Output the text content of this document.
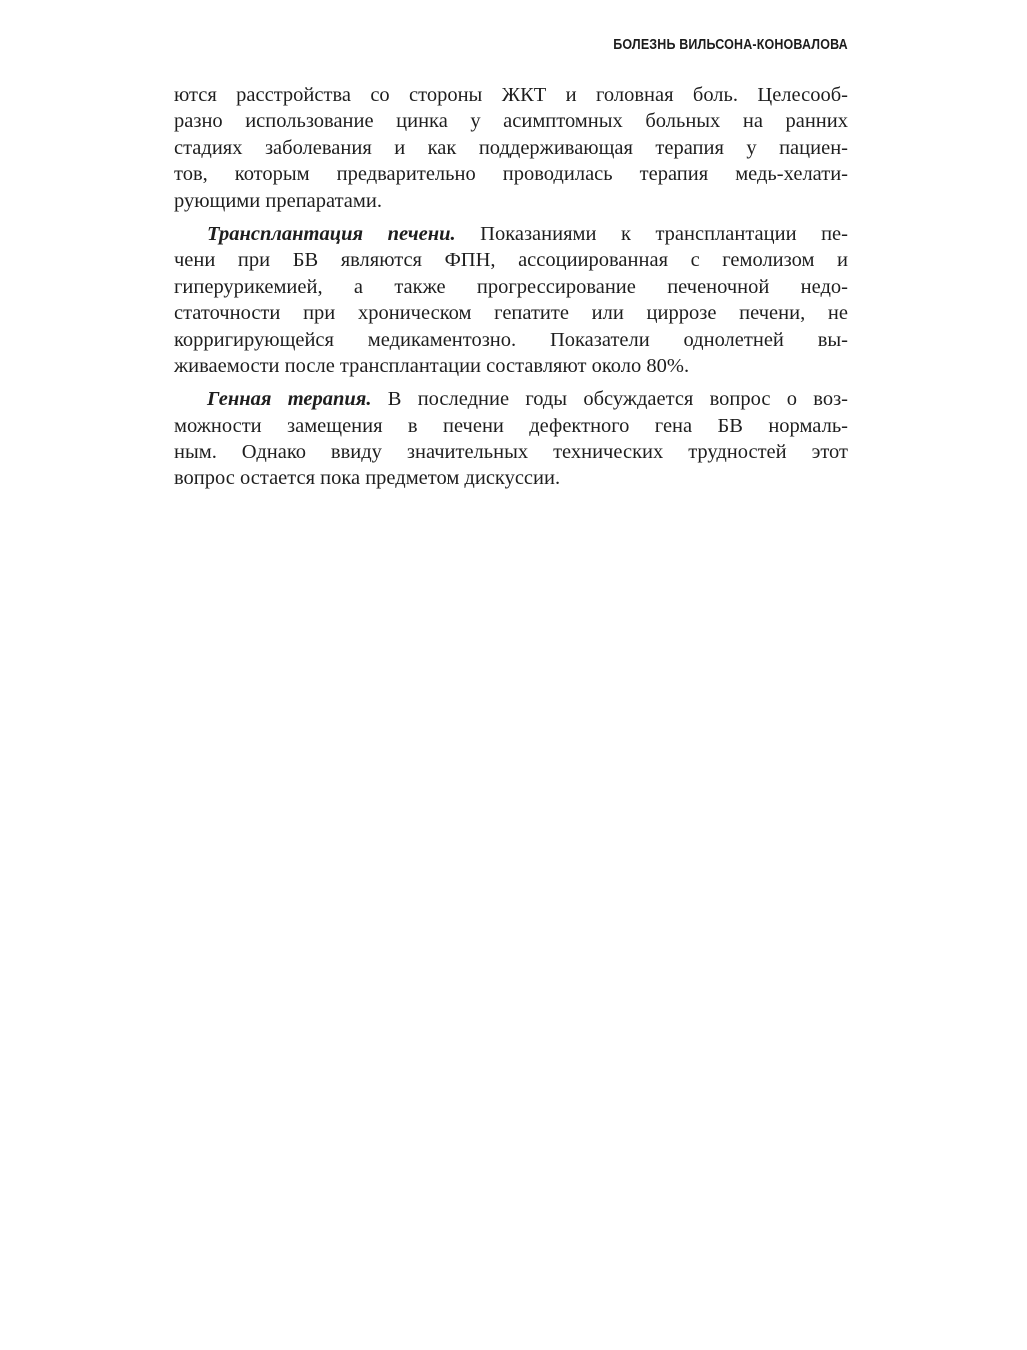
БОЛЕЗНЬ ВИЛЬСОНА-КОНОВАЛОВА
ются расстройства со стороны ЖКТ и головная боль. Целесооб-
разно использование цинка у асимптомных больных на ранних
стадиях заболевания и как поддерживающая терапия у пациен-
тов, которым предварительно проводилась терапия медь-хелати-
рующими препаратами.
Трансплантация печени. Показаниями к трансплантации пе-
чени при БВ являются ФПН, ассоциированная с гемолизом и
гиперурикемией, а также прогрессирование печеночной недо-
статочности при хроническом гепатите или циррозе печени, не
корригирующейся медикаментозно. Показатели однолетней вы-
живаемости после трансплантации составляют около 80%.
Генная терапия. В последние годы обсуждается вопрос о воз-
можности замещения в печени дефектного гена БВ нормаль-
ным. Однако ввиду значительных технических трудностей этот
вопрос остается пока предметом дискуссии.
